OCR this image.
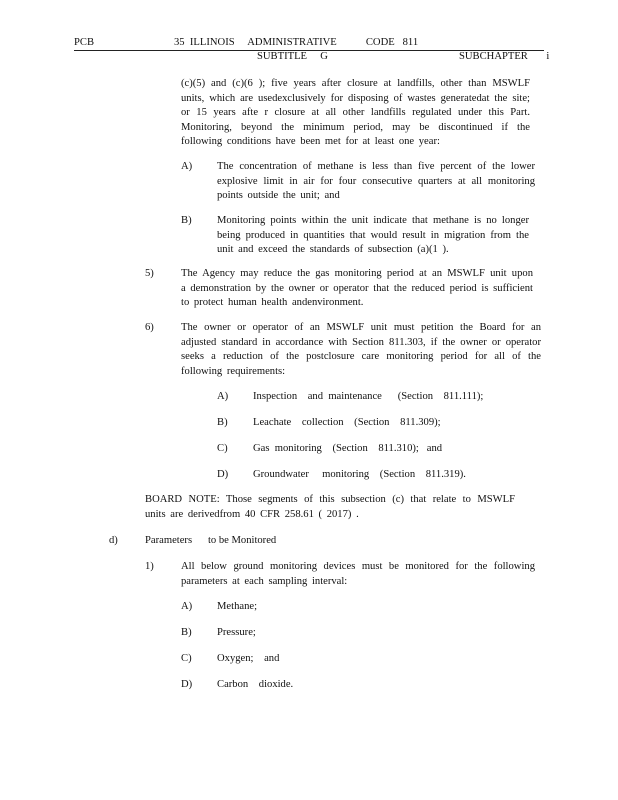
PCB	35  ILLINOIS     ADMINISTRATIVE           CODE   811
SUBTITLE     G	SUBCHAPTER       i
(c)(5) and (c)(6 ); five years after closure at landfills, other than MSWLF units, which are usedexclusively for disposing of wastes generatedat the site; or 15 years afte r closure at all other landfills regulated under this Part. Monitoring, beyond the minimum period, may be discontinued if the following conditions have been met for at least one year:
A) The concentration of methane is less than five percent of the lower explosive limit in air for four consecutive quarters at all monitoring points outside the unit; and
B) Monitoring points within the unit indicate that methane is no longer being produced in quantities that would result in migration from the unit and exceed the standards of subsection (a)(1 ).
5)	The Agency may reduce the gas monitoring period at an MSWLF unit upon a demonstration by the owner or operator that the reduced period is sufficient to protect human health andenvironment.
6)	The owner or operator of an MSWLF unit must petition the Board for an adjusted standard in accordance with Section 811.303, if the owner or operator seeks a reduction of the postclosure care monitoring period for all of the following requirements:
A) Inspection    and  maintenance      (Section    811.111);
B) Leachate    collection    (Section    811.309);
C) Gas  monitoring    (Section    811.310);   and
D) Groundwater     monitoring    (Section    811.319).
BOARD NOTE: Those segments of this subsection (c) that relate to MSWLF units are derivedfrom 40 CFR 258.61 ( 2017) .
d)	Parameters      to be Monitored
1)	All below ground monitoring devices must be monitored for the following parameters at each sampling interval:
A) Methane;
B) Pressure;
C) Oxygen;    and
D) Carbon    dioxide.
